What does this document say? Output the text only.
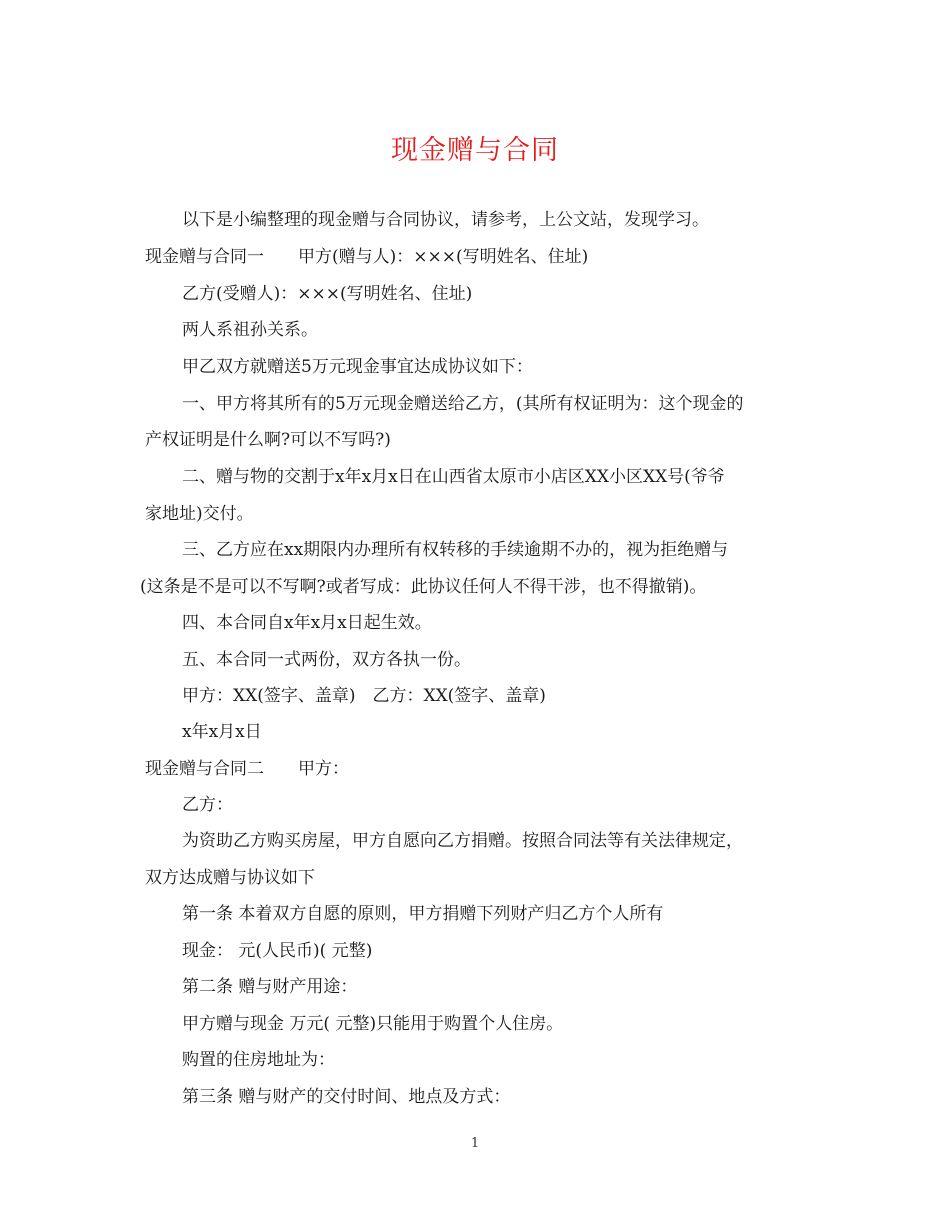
现金赠与合同
以下是小编整理的现金赠与合同协议，请参考，上公文站，发现学习。
现金赠与合同一　　甲方(赠与人)：×××(写明姓名、住址)
乙方(受赠人)：×××(写明姓名、住址)
两人系祖孙关系。
甲乙双方就赠送5万元现金事宜达成协议如下：
一、甲方将其所有的5万元现金赠送给乙方，(其所有权证明为：这个现金的
产权证明是什么啊?可以不写吗?)
二、赠与物的交割于x年x月x日在山西省太原市小店区XX小区XX号(爷爷
家地址)交付。
三、乙方应在xx期限内办理所有权转移的手续逾期不办的，视为拒绝赠与
(这条是不是可以不写啊?或者写成：此协议任何人不得干涉，也不得撤销)。
四、本合同自x年x月x日起生效。
五、本合同一式两份，双方各执一份。
甲方：XX(签字、盖章)　乙方：XX(签字、盖章)
x年x月x日
现金赠与合同二　　甲方：
乙方：
为资助乙方购买房屋，甲方自愿向乙方捐赠。按照合同法等有关法律规定，
双方达成赠与协议如下
第一条 本着双方自愿的原则，甲方捐赠下列财产归乙方个人所有
现金： 元(人民币)( 元整)
第二条 赠与财产用途：
甲方赠与现金 万元( 元整)只能用于购置个人住房。
购置的住房地址为：
第三条 赠与财产的交付时间、地点及方式：
1
